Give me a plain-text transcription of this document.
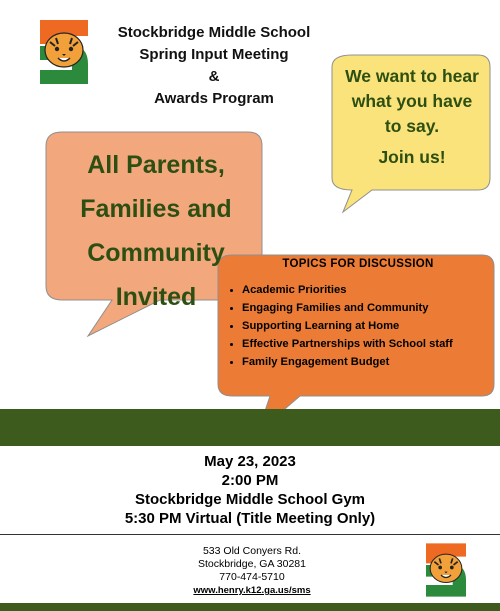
Stockbridge Middle School
Spring Input Meeting
&
Awards Program
We want to hear
what you have
to say.
Join us!
All Parents,
Families and
Community
Invited
TOPICS FOR DISCUSSION
• Academic Priorities
• Engaging Families and Community
• Supporting Learning at Home
• Effective Partnerships with School staff
• Family Engagement Budget
May 23, 2023
2:00 PM
Stockbridge Middle School Gym
5:30 PM Virtual (Title Meeting Only)
533 Old Conyers Rd.
Stockbridge, GA 30281
770-474-5710
www.henry.k12.ga.us/sms
